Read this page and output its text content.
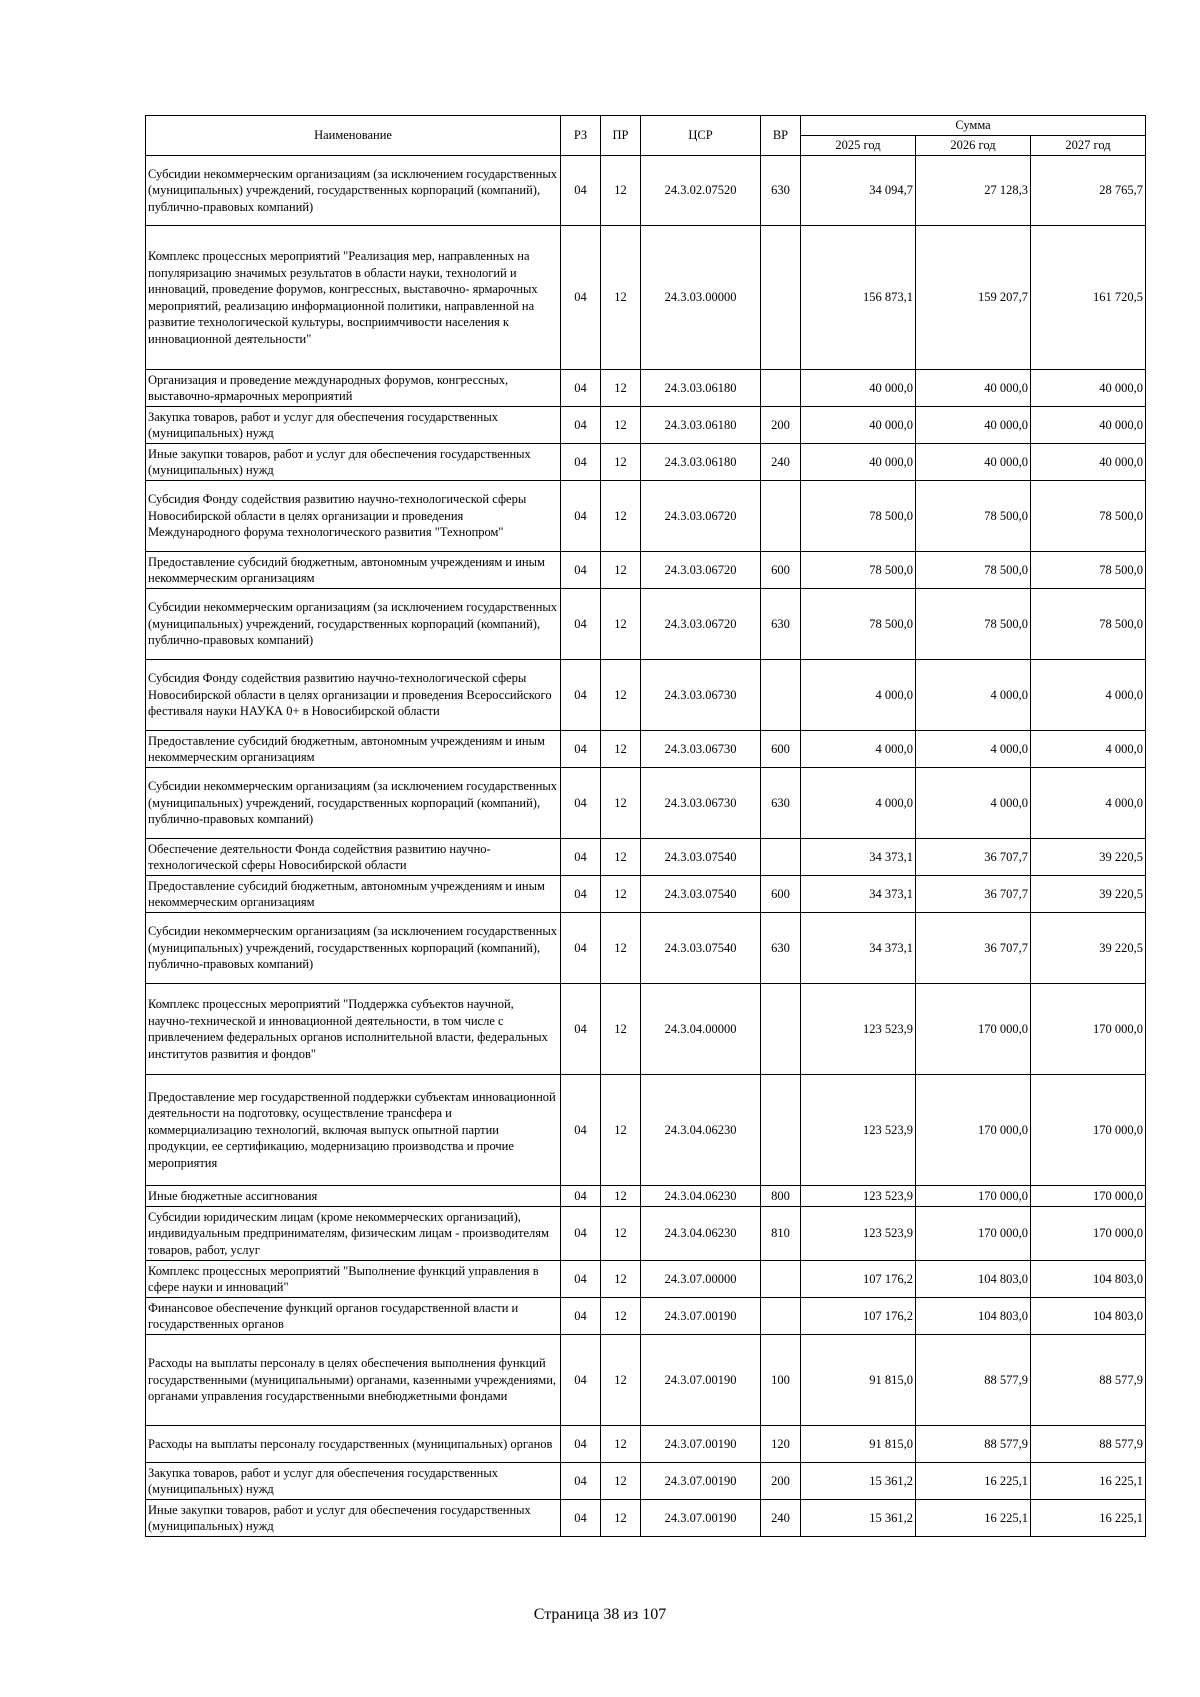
Наименование	РЗ	ПР	ЦСР	ВР	Сумма		
					2025 год	2026 год	2027 год
Субсидии некоммерческим организациям (за исключением государственных (муниципальных) учреждений, государственных корпораций (компаний), публично-правовых компаний)	04	12	24.3.02.07520	630	34 094,7	27 128,3	28 765,7
Комплекс процессных мероприятий "Реализация мер, направленных на популяризацию значимых результатов в области науки, технологий и инноваций, проведение форумов, конгрессных, выставочно- ярмарочных мероприятий, реализацию информационной политики, направленной на развитие технологической культуры, восприимчивости населения к инновационной деятельности"	04	12	24.3.03.00000		156 873,1	159 207,7	161 720,5
Организация и проведение международных форумов, конгрессных, выставочно-ярмарочных мероприятий	04	12	24.3.03.06180		40 000,0	40 000,0	40 000,0
Закупка товаров, работ и услуг для обеспечения государственных (муниципальных) нужд	04	12	24.3.03.06180	200	40 000,0	40 000,0	40 000,0
Иные закупки товаров, работ и услуг для обеспечения государственных (муниципальных) нужд	04	12	24.3.03.06180	240	40 000,0	40 000,0	40 000,0
Субсидия Фонду содействия развитию научно-технологической сферы Новосибирской области в целях организации и проведения Международного форума технологического развития "Технопром"	04	12	24.3.03.06720		78 500,0	78 500,0	78 500,0
Предоставление субсидий бюджетным, автономным учреждениям и иным некоммерческим организациям	04	12	24.3.03.06720	600	78 500,0	78 500,0	78 500,0
Субсидии некоммерческим организациям (за исключением государственных (муниципальных) учреждений, государственных корпораций (компаний), публично-правовых компаний)	04	12	24.3.03.06720	630	78 500,0	78 500,0	78 500,0
Субсидия Фонду содействия развитию научно-технологической сферы Новосибирской области в целях организации и проведения Всероссийского фестиваля науки НАУКА 0+ в Новосибирской области	04	12	24.3.03.06730		4 000,0	4 000,0	4 000,0
Предоставление субсидий бюджетным, автономным учреждениям и иным некоммерческим организациям	04	12	24.3.03.06730	600	4 000,0	4 000,0	4 000,0
Субсидии некоммерческим организациям (за исключением государственных (муниципальных) учреждений, государственных корпораций (компаний), публично-правовых компаний)	04	12	24.3.03.06730	630	4 000,0	4 000,0	4 000,0
Обеспечение деятельности Фонда содействия развитию научно-технологической сферы Новосибирской области	04	12	24.3.03.07540		34 373,1	36 707,7	39 220,5
Предоставление субсидий бюджетным, автономным учреждениям и иным некоммерческим организациям	04	12	24.3.03.07540	600	34 373,1	36 707,7	39 220,5
Субсидии некоммерческим организациям (за исключением государственных (муниципальных) учреждений, государственных корпораций (компаний), публично-правовых компаний)	04	12	24.3.03.07540	630	34 373,1	36 707,7	39 220,5
Комплекс процессных мероприятий "Поддержка субъектов научной, научно-технической и инновационной деятельности, в том числе с привлечением федеральных органов исполнительной власти, федеральных институтов развития и фондов"	04	12	24.3.04.00000		123 523,9	170 000,0	170 000,0
Предоставление мер государственной поддержки субъектам инновационной деятельности на подготовку, осуществление трансфера и коммерциализацию технологий, включая выпуск опытной партии продукции, ее сертификацию, модернизацию производства и прочие мероприятия	04	12	24.3.04.06230		123 523,9	170 000,0	170 000,0
Иные бюджетные ассигнования	04	12	24.3.04.06230	800	123 523,9	170 000,0	170 000,0
Субсидии юридическим лицам (кроме некоммерческих организаций), индивидуальным предпринимателям, физическим лицам - производителям товаров, работ, услуг	04	12	24.3.04.06230	810	123 523,9	170 000,0	170 000,0
Комплекс процессных мероприятий "Выполнение функций управления в сфере науки и инноваций"	04	12	24.3.07.00000		107 176,2	104 803,0	104 803,0
Финансовое обеспечение функций органов государственной власти и государственных органов	04	12	24.3.07.00190		107 176,2	104 803,0	104 803,0
Расходы на выплаты персоналу в целях обеспечения выполнения функций государственными (муниципальными) органами, казенными учреждениями, органами управления государственными внебюджетными фондами	04	12	24.3.07.00190	100	91 815,0	88 577,9	88 577,9
Расходы на выплаты персоналу государственных (муниципальных) органов	04	12	24.3.07.00190	120	91 815,0	88 577,9	88 577,9
Закупка товаров, работ и услуг для обеспечения государственных (муниципальных) нужд	04	12	24.3.07.00190	200	15 361,2	16 225,1	16 225,1
Иные закупки товаров, работ и услуг для обеспечения государственных (муниципальных) нужд	04	12	24.3.07.00190	240	15 361,2	16 225,1	16 225,1
Страница 38 из 107
